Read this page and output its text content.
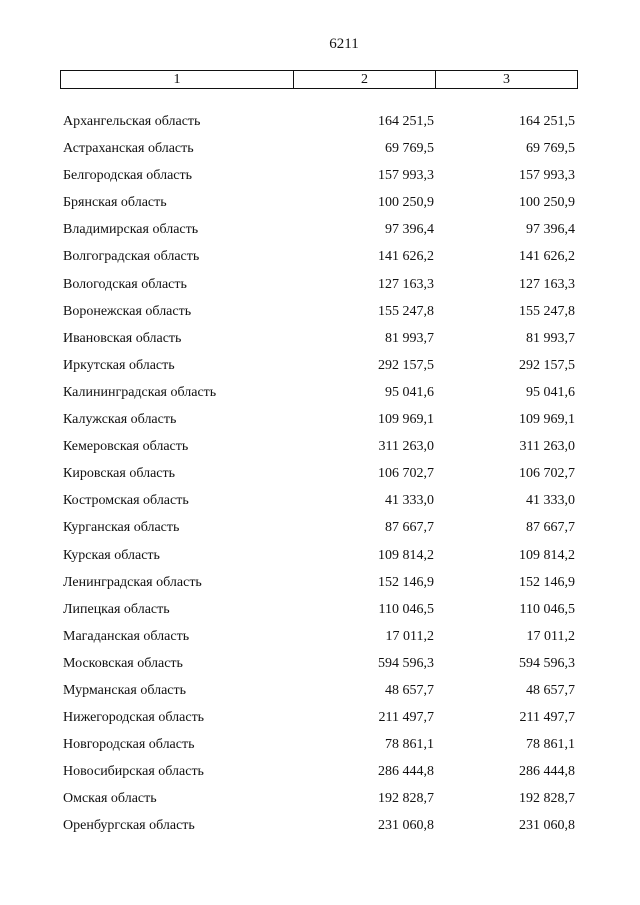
6211
1	2	3
Архангельская область	164 251,5	164 251,5
Астраханская область	69 769,5	69 769,5
Белгородская область	157 993,3	157 993,3
Брянская область	100 250,9	100 250,9
Владимирская область	97 396,4	97 396,4
Волгоградская область	141 626,2	141 626,2
Вологодская область	127 163,3	127 163,3
Воронежская область	155 247,8	155 247,8
Ивановская область	81 993,7	81 993,7
Иркутская область	292 157,5	292 157,5
Калининградская область	95 041,6	95 041,6
Калужская область	109 969,1	109 969,1
Кемеровская область	311 263,0	311 263,0
Кировская область	106 702,7	106 702,7
Костромская область	41 333,0	41 333,0
Курганская область	87 667,7	87 667,7
Курская область	109 814,2	109 814,2
Ленинградская область	152 146,9	152 146,9
Липецкая область	110 046,5	110 046,5
Магаданская область	17 011,2	17 011,2
Московская область	594 596,3	594 596,3
Мурманская область	48 657,7	48 657,7
Нижегородская область	211 497,7	211 497,7
Новгородская область	78 861,1	78 861,1
Новосибирская область	286 444,8	286 444,8
Омская область	192 828,7	192 828,7
Оренбургская область	231 060,8	231 060,8
